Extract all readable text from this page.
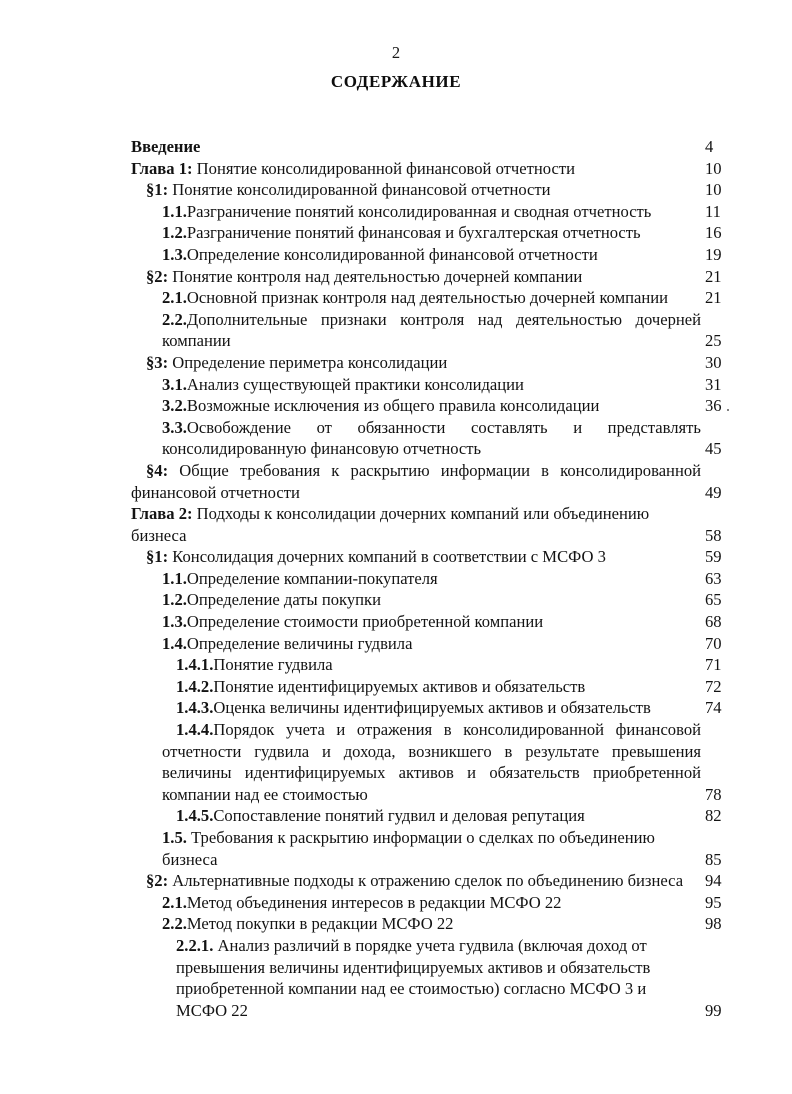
2
СОДЕРЖАНИЕ
Введение	4
Глава 1: Понятие консолидированной финансовой отчетности	10
§1: Понятие консолидированной финансовой отчетности	10
1.1.Разграничение понятий консолидированная и сводная отчетность	11
1.2.Разграничение понятий финансовая и бухгалтерская отчетность	16
1.3.Определение консолидированной финансовой отчетности	19
§2: Понятие контроля над деятельностью дочерней компании	21
2.1.Основной признак контроля над деятельностью дочерней компании	21
2.2.Дополнительные признаки контроля над деятельностью дочерней компании	25
§3: Определение периметра консолидации	30
3.1.Анализ существующей практики консолидации	31
3.2.Возможные исключения из общего правила консолидации	36
3.3.Освобождение от обязанности составлять и представлять консолидированную финансовую отчетность	45
§4: Общие требования к раскрытию информации в консолидированной финансовой отчетности	49
Глава 2: Подходы к консолидации дочерних компаний или объединению бизнеса	58
§1: Консолидация дочерних компаний в соответствии с МСФО 3	59
1.1.Определение компании-покупателя	63
1.2.Определение даты покупки	65
1.3.Определение стоимости приобретенной компании	68
1.4.Определение величины гудвила	70
1.4.1.Понятие гудвила	71
1.4.2.Понятие идентифицируемых активов и обязательств	72
1.4.3.Оценка величины идентифицируемых активов и обязательств	74
1.4.4.Порядок учета и отражения в консолидированной финансовой отчетности гудвила и дохода, возникшего в результате превышения величины идентифицируемых активов и обязательств приобретенной компании над ее стоимостью	78
1.4.5.Сопоставление понятий гудвил и деловая репутация	82
1.5. Требования к раскрытию информации о сделках по объединению бизнеса	85
§2: Альтернативные подходы к отражению сделок по объединению бизнеса	94
2.1.Метод объединения интересов в редакции МСФО 22	95
2.2.Метод покупки в редакции МСФО 22	98
2.2.1. Анализ различий в порядке учета гудвила (включая доход от превышения величины идентифицируемых активов и обязательств приобретенной компании над ее стоимостью) согласно МСФО 3 и МСФО 22	99
